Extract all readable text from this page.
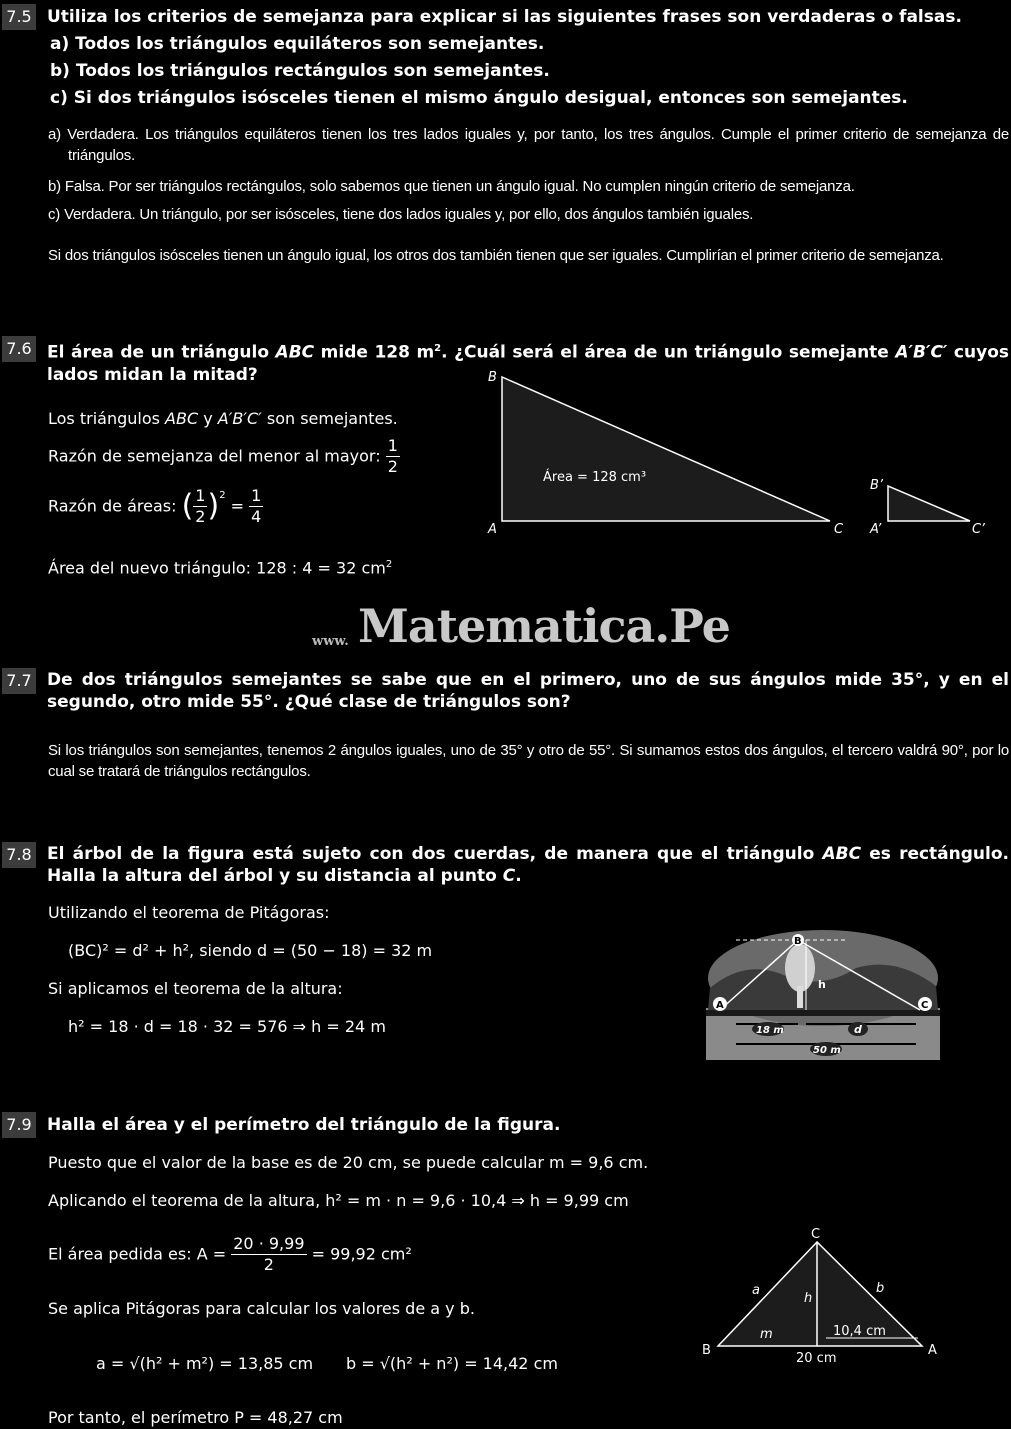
7.5 Utiliza los criterios de semejanza para explicar si las siguientes frases son verdaderas o falsas.
a) Todos los triángulos equiláteros son semejantes.
b) Todos los triángulos rectángulos son semejantes.
c) Si dos triángulos isósceles tienen el mismo ángulo desigual, entonces son semejantes.
a) Verdadera. Los triángulos equiláteros tienen los tres lados iguales y, por tanto, los tres ángulos. Cumple el primer criterio de semejanza de triángulos.
b) Falsa. Por ser triángulos rectángulos, solo sabemos que tienen un ángulo igual. No cumplen ningún criterio de semejanza.
c) Verdadera. Un triángulo, por ser isósceles, tiene dos lados iguales y, por ello, dos ángulos también iguales.
Si dos triángulos isósceles tienen un ángulo igual, los otros dos también tienen que ser iguales. Cumplirían el primer criterio de semejanza.
7.6 El área de un triángulo ABC mide 128 $m^2$. ¿Cuál será el área de un triángulo semejante A′B′C′ cuyos lados midan la mitad?
Los triángulos ABC y A′B′C′ son semejantes.
Razón de semejanza del menor al mayor: $\frac{1}{2}$
Razón de áreas: ( $\frac{1}{2} )^2 = \frac{1}{4}$
Área del nuevo triángulo: 128 : 4 = 32 $cm^2$
Área = 128 cm³
B
A	C
B’
A’	C’
www. Matematica.Pe
7.7 De dos triángulos semejantes se sabe que en el primero, uno de sus ángulos mide 35°, y en el segundo, otro mide 55°. ¿Qué clase de triángulos son?
Si los triángulos son semejantes, tenemos 2 ángulos iguales, uno de 35° y otro de 55°. Si sumamos estos dos ángulos, el tercero valdrá 90°, por lo cual se tratará de triángulos rectángulos.
7.8 El árbol de la figura está sujeto con dos cuerdas, de manera que el triángulo ABC es rectángulo. Halla la altura del árbol y su distancia al punto C.
Utilizando el teorema de Pitágoras:
(BC)² = d² + h², siendo d = (50 − 18) = 32 m
Si aplicamos el teorema de la altura:
h² = 18 · d = 18 · 32 = 576 ⇒ h = 24 m
B
A	C
h
18 m	d
50 m
7.9 Halla el área y el perímetro del triángulo de la figura.
Puesto que el valor de la base es de 20 cm, se puede calcular m = 9,6 cm.
Aplicando el teorema de la altura, h² = m · n = 9,6 · 10,4 ⇒ h = 9,99 cm
El área pedida es: $A = \frac{20 \cdot 9,99}{2} = 99,92$ cm²
Se aplica Pitágoras para calcular los valores de a y b.
a = √(h² + m²) = 13,85 cm b = √(h² + n²) = 14,42 cm
Por tanto, el perímetro P = 48,27 cm
C
B	A
a	b
h
m	10,4 cm
20 cm
